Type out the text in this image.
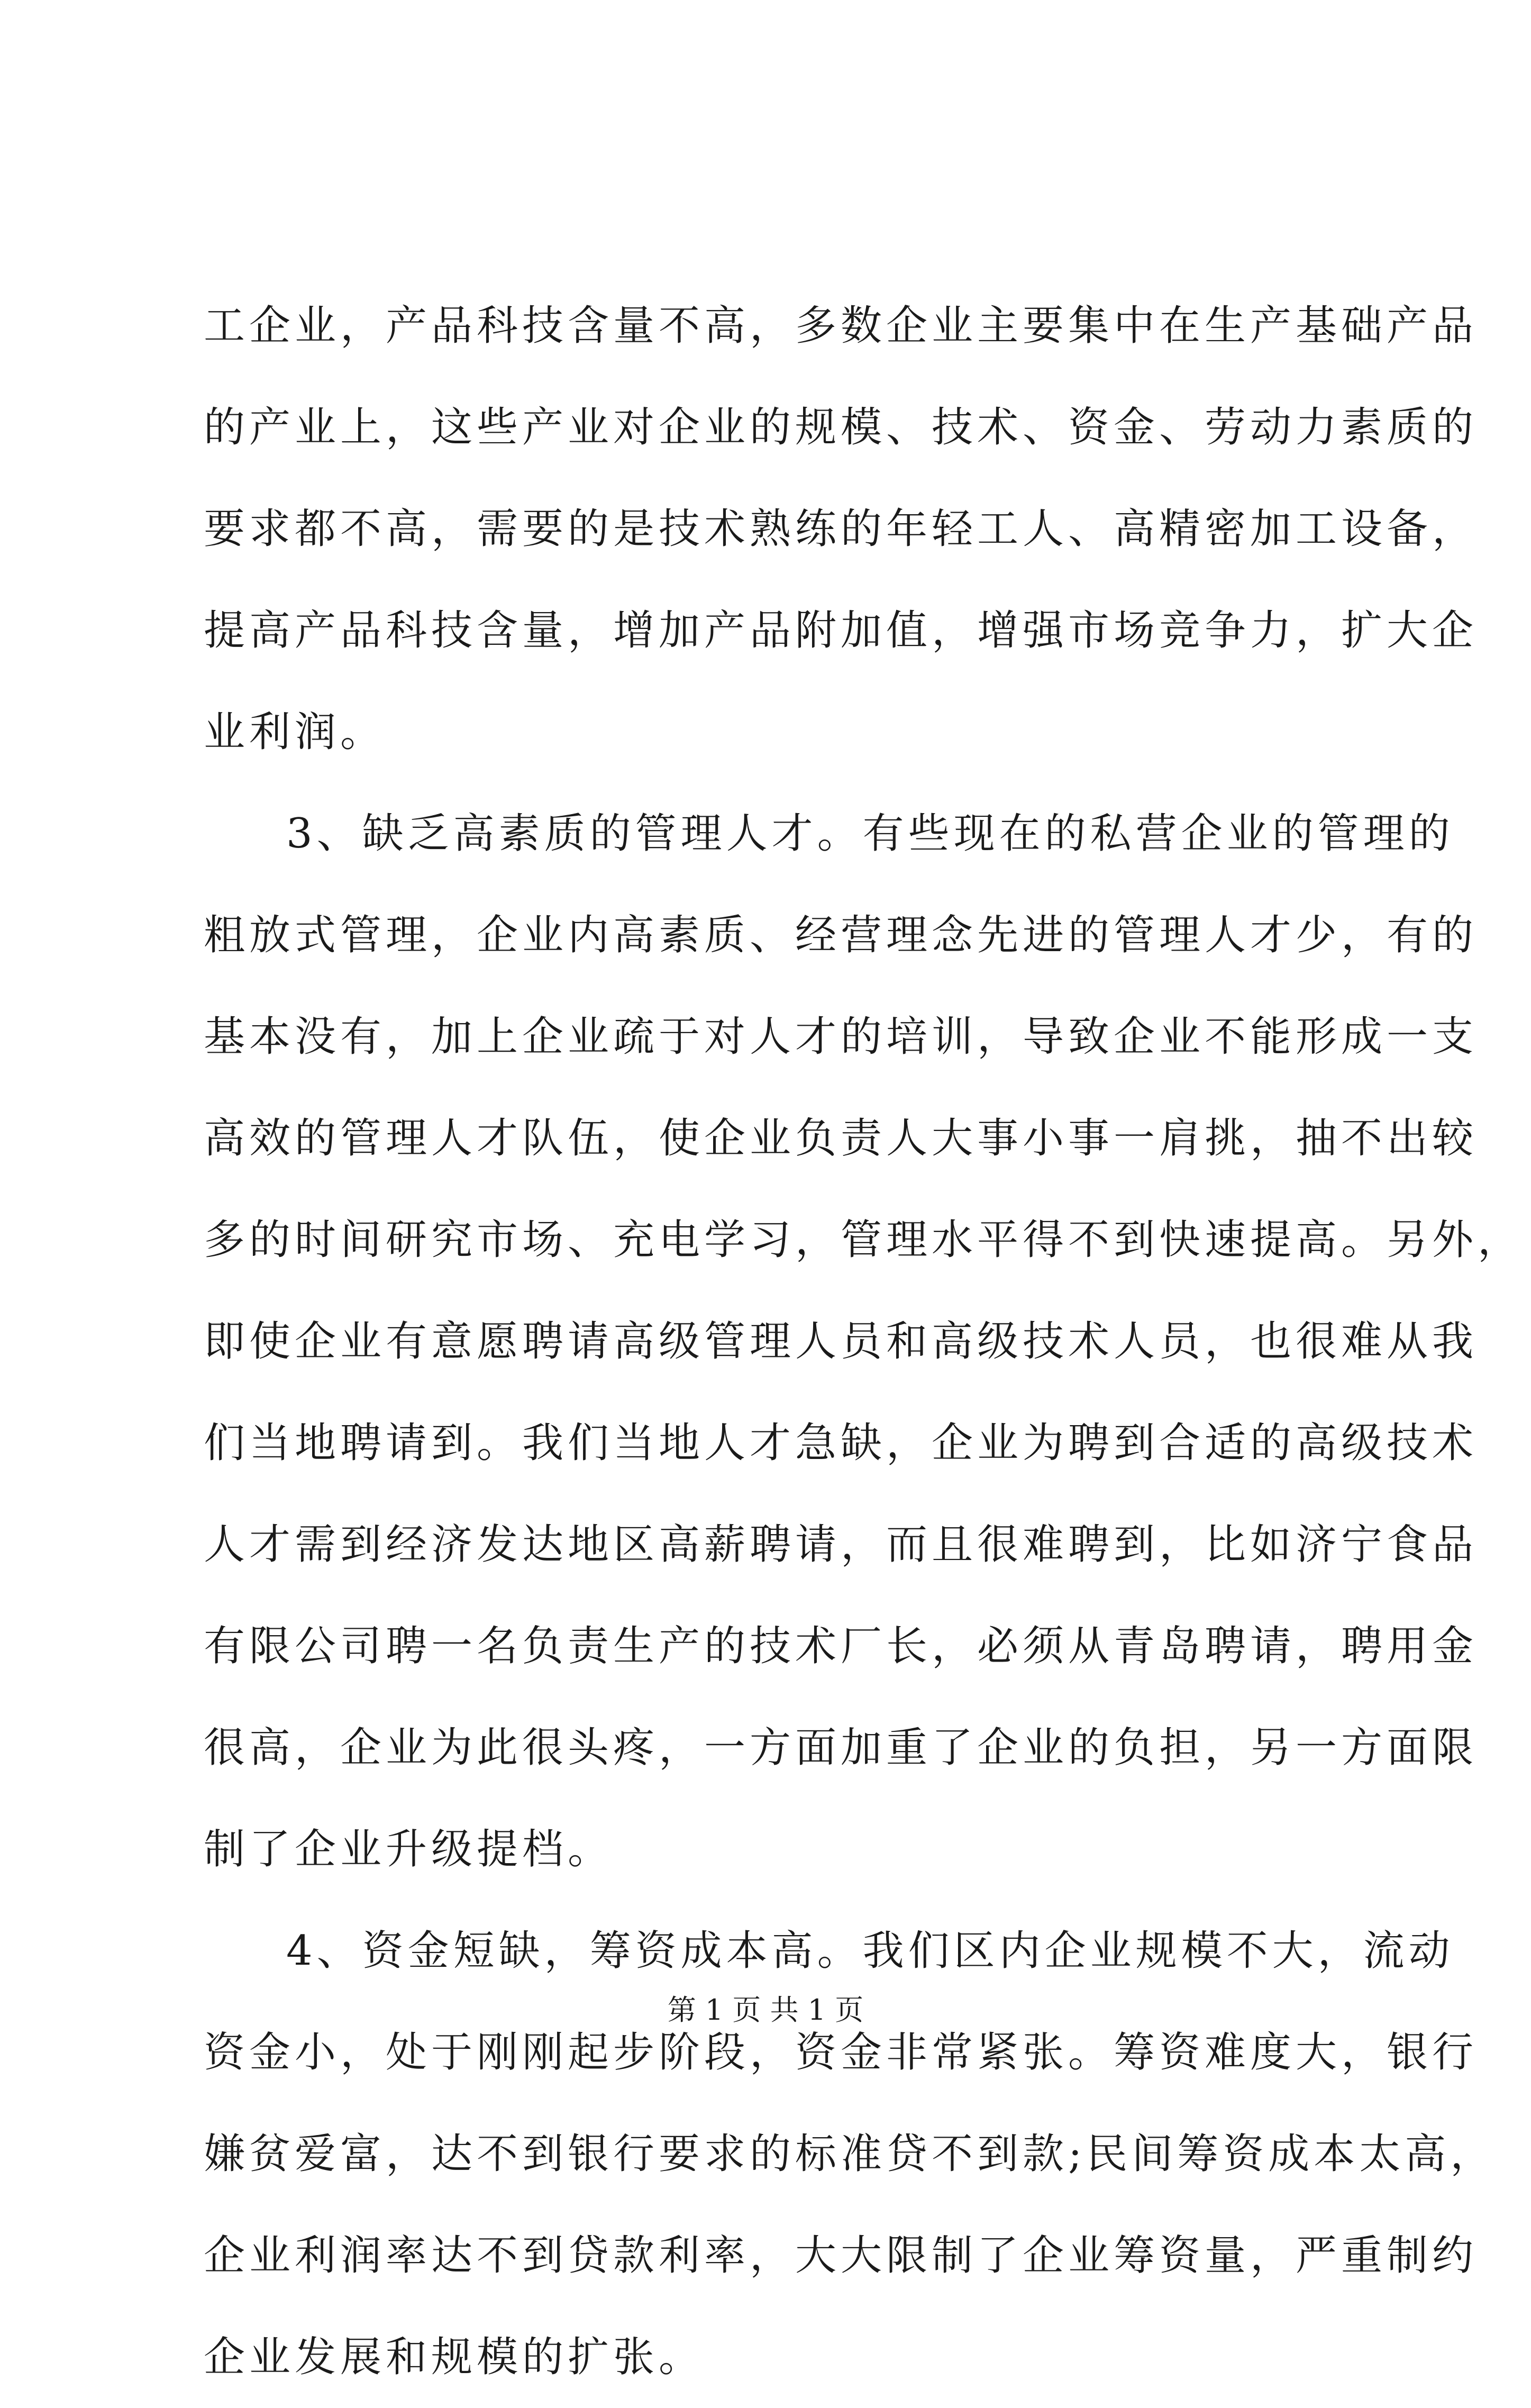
工企业，产品科技含量不高，多数企业主要集中在生产基础产品
的产业上，这些产业对企业的规模、技术、资金、劳动力素质的
要求都不高，需要的是技术熟练的年轻工人、高精密加工设备，
提高产品科技含量，增加产品附加值，增强市场竞争力，扩大企
业利润。
3、缺乏高素质的管理人才。有些现在的私营企业的管理的
粗放式管理，企业内高素质、经营理念先进的管理人才少，有的
基本没有，加上企业疏于对人才的培训，导致企业不能形成一支
高效的管理人才队伍，使企业负责人大事小事一肩挑，抽不出较
多的时间研究市场、充电学习，管理水平得不到快速提高。另外，
即使企业有意愿聘请高级管理人员和高级技术人员，也很难从我
们当地聘请到。我们当地人才急缺，企业为聘到合适的高级技术
人才需到经济发达地区高薪聘请，而且很难聘到，比如济宁食品
有限公司聘一名负责生产的技术厂长，必须从青岛聘请，聘用金
很高，企业为此很头疼，一方面加重了企业的负担，另一方面限
制了企业升级提档。
4、资金短缺，筹资成本高。我们区内企业规模不大，流动
资金小，处于刚刚起步阶段，资金非常紧张。筹资难度大，银行
嫌贫爱富，达不到银行要求的标准贷不到款;民间筹资成本太高，
企业利润率达不到贷款利率，大大限制了企业筹资量，严重制约
企业发展和规模的扩张。
第 1 页 共 1 页
